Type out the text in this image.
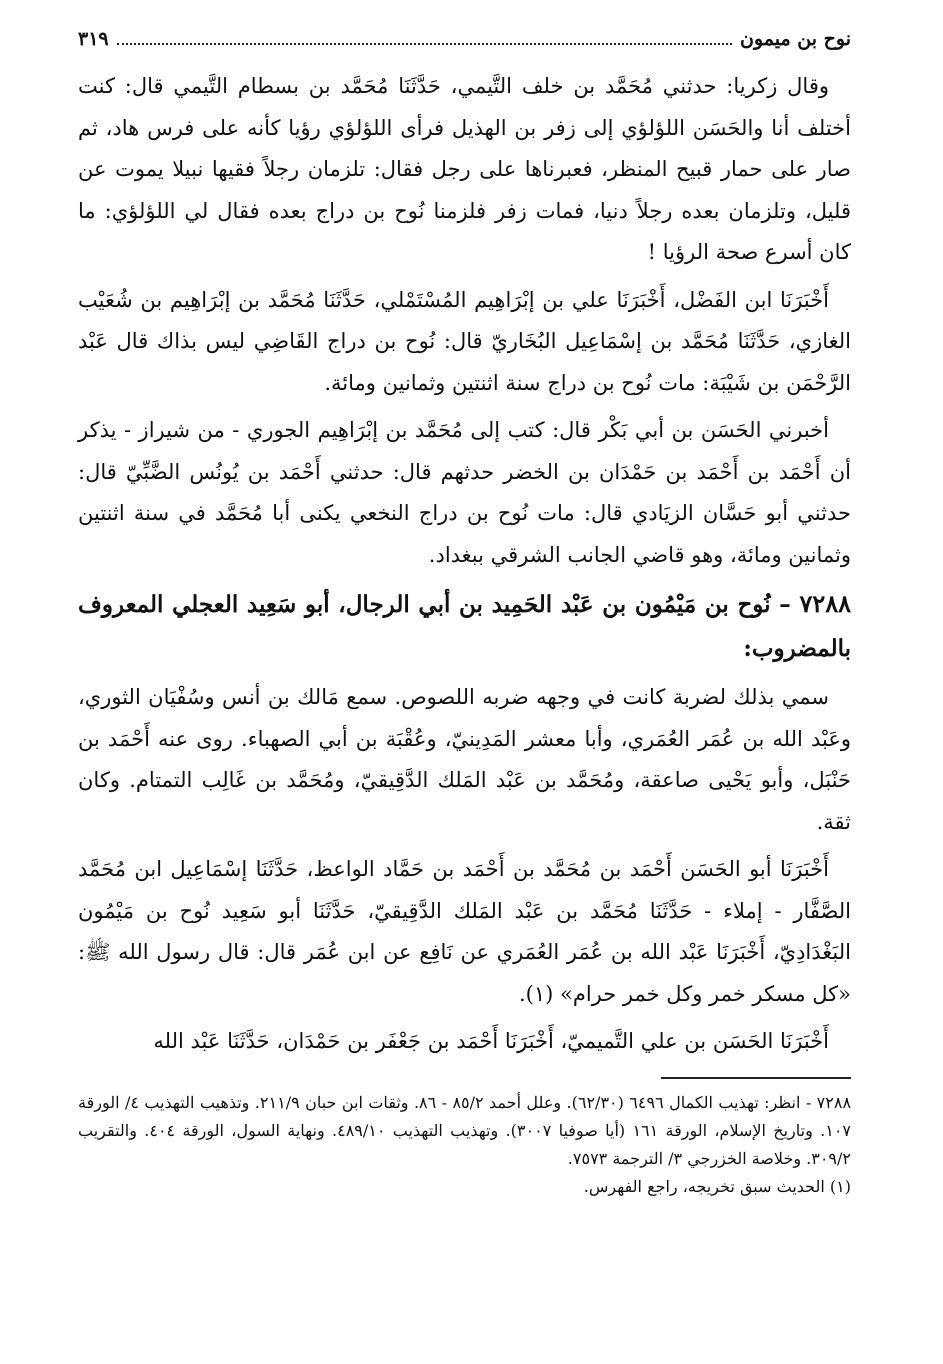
نوح بن ميمون
٣١٩

وقال زكريا: حدثني مُحَمَّد بن خلف التَّيمي، حَدَّثَنَا مُحَمَّد بن بسطام التَّيمي قال: كنت أختلف أنا والحَسَن اللؤلؤي إلى زفر بن الهذيل فرأى اللؤلؤي رؤيا كأنه على فرس هاد، ثم صار على حمار قبيح المنظر، فعبرناها على رجل فقال: تلزمان رجلاً فقيها نبيلا يموت عن قليل، وتلزمان بعده رجلاً دنيا، فمات زفر فلزمنا نُوح بن دراج بعده فقال لي اللؤلؤي: ما كان أسرع صحة الرؤيا !

أَخْبَرَنَا ابن الفَضْل، أَخْبَرَنَا علي بن إبْرَاهِيم المُسْتَمْلي، حَدَّثَنَا مُحَمَّد بن إبْرَاهِيم بن شُعَيْب الغازي، حَدَّثَنَا مُحَمَّد بن إسْمَاعِيل البُخَاريّ قال: نُوح بن دراج القَاضِي ليس بذاك قال عَبْد الرَّحْمَن بن شَيْبَة: مات نُوح بن دراج سنة اثنتين وثمانين ومائة.

أخبرني الحَسَن بن أبي بَكْر قال: كتب إلى مُحَمَّد بن إبْرَاهِيم الجوري - من شيراز - يذكر أن أَحْمَد بن أَحْمَد بن حَمْدَان بن الخضر حدثهم قال: حدثني أَحْمَد بن يُونُس الضَّبِّيّ قال: حدثني أبو حَسَّان الزيَادي قال: مات نُوح بن دراج النخعي يكنى أبا مُحَمَّد في سنة اثنتين وثمانين ومائة، وهو قاضي الجانب الشرقي ببغداد.

٧٢٨٨ – نُوح بن مَيْمُون بن عَبْد الحَمِيد بن أبي الرجال، أبو سَعِيد العجلي المعروف بالمضروب:

سمي بذلك لضربة كانت في وجهه ضربه اللصوص. سمع مَالك بن أنس وسُفْيَان الثوري، وعَبْد الله بن عُمَر العُمَري، وأبا معشر المَدِينيّ، وعُقْبَة بن أبي الصهباء. روى عنه أَحْمَد بن حَنْبَل، وأبو يَحْيى صاعقة، ومُحَمَّد بن عَبْد المَلك الدَّقِيقيّ، ومُحَمَّد بن غَالِب التمتام. وكان ثقة.

أَخْبَرَنَا أبو الحَسَن أَحْمَد بن مُحَمَّد بن أَحْمَد بن حَمَّاد الواعظ، حَدَّثَنَا إسْمَاعِيل ابن مُحَمَّد الصَّفَّار - إملاء - حَدَّثَنَا مُحَمَّد بن عَبْد المَلك الدَّقِيقيّ، حَدَّثَنَا أبو سَعِيد نُوح بن مَيْمُون البَغْدَادِيّ، أَخْبَرَنَا عَبْد الله بن عُمَر العُمَري عن نَافِع عن ابن عُمَر قال: قال رسول الله ﷺ: «كل مسكر خمر وكل خمر حرام» (١).

أَخْبَرَنَا الحَسَن بن علي التَّميميّ، أَخْبَرَنَا أَحْمَد بن جَعْفَر بن حَمْدَان، حَدَّثَنَا عَبْد الله

٧٢٨٨ - انظر: تهذيب الكمال ٦٤٩٦ (٦٢/٣٠). وعلل أحمد ٨٥/٢ - ٨٦. وثقات ابن حبان ٢١١/٩. وتذهيب التهذيب ٤/ الورقة ١٠٧. وتاريخ الإسلام، الورقة ١٦١ (أيا صوفيا ٣٠٠٧). وتهذيب التهذيب ٤٨٩/١٠. ونهاية السول، الورقة ٤٠٤. والتقريب ٣٠٩/٢. وخلاصة الخزرجي ٣/ الترجمة ٧٥٧٣.

(١) الحديث سبق تخريجه، راجع الفهرس.
